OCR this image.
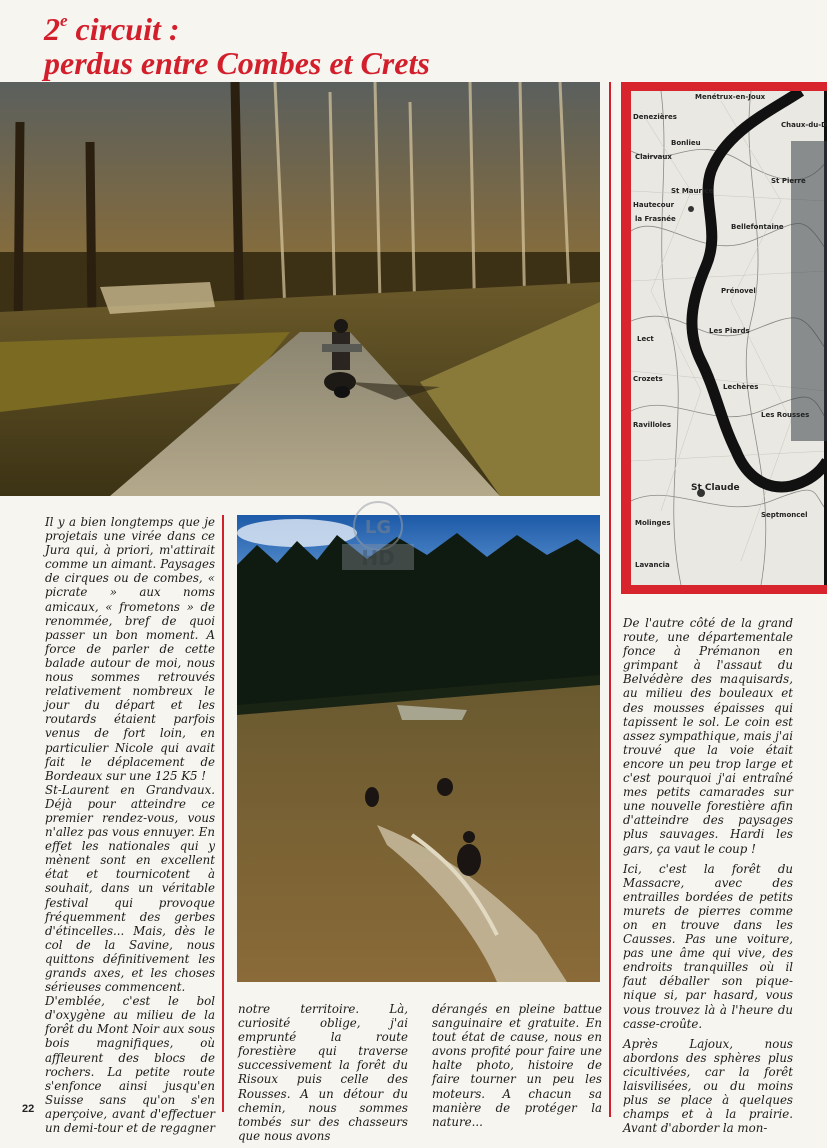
2e circuit :
perdus entre Combes et Crets
Menétrux-en-Joux
Denezières
Bonlieu
Clairvaux
Chaux-du-D
St Maurice
Hautecour
la Frasnée
St Pierre
Bellefontaine
Prénovel
Crozets
Les Piards
Lect
Lechères
Les Rousses
Ravilloles
St Claude
Septmoncel
Molinges
Lavancia
LG
HD

Il y a bien longtemps que je projetais une virée dans ce Jura qui, à priori, m'attirait comme un aimant. Paysages de cirques ou de combes, « picrate » aux noms amicaux, « frometons » de renommée, bref de quoi passer un bon moment. A force de parler de cette balade autour de moi, nous nous sommes retrouvés relativement nombreux le jour du départ et les routards étaient parfois venus de fort loin, en particulier Nicole qui avait fait le déplacement de Bordeaux sur une 125 K5 !

St-Laurent en Grandvaux. Déjà pour atteindre ce premier rendez-vous, vous n'allez pas vous ennuyer. En effet les nationales qui y mènent sont en excellent état et tournicotent à souhait, dans un véritable festival qui provoque fréquemment des gerbes d'étincelles... Mais, dès le col de la Savine, nous quittons définitivement les grands axes, et les choses sérieuses commencent.

D'emblée, c'est le bol d'oxygène au milieu de la forêt du Mont Noir aux sous bois magnifiques, où affleurent des blocs de rochers. La petite route s'enfonce ainsi jusqu'en Suisse sans qu'on s'en aperçoive, avant d'effectuer un demi-tour et de regagner

notre territoire. Là, curiosité oblige, j'ai emprunté la route forestière qui traverse successivement la forêt du Risoux puis celle des Rousses. A un détour du chemin, nous sommes tombés sur des chasseurs que nous avons

dérangés en pleine battue sanguinaire et gratuite. En tout état de cause, nous en avons profité pour faire une halte photo, histoire de faire tourner un peu les moteurs. A chacun sa manière de protéger la nature...

De l'autre côté de la grand route, une départementale fonce à Prémanon en grimpant à l'assaut du Belvédère des maquisards, au milieu des bouleaux et des mousses épaisses qui tapissent le sol. Le coin est assez sympathique, mais j'ai trouvé que la voie était encore un peu trop large et c'est pourquoi j'ai entraîné mes petits camarades sur une nouvelle forestière afin d'atteindre des paysages plus sauvages. Hardi les gars, ça vaut le coup !

Ici, c'est la forêt du Massacre, avec des entrailles bordées de petits murets de pierres comme on en trouve dans les Causses. Pas une voiture, pas une âme qui vive, des endroits tranquilles où il faut déballer son pique-nique si, par hasard, vous vous trouvez là à l'heure du casse-croûte.

Après Lajoux, nous abordons des sphères plus cicultivées, car la forêt laisvilisées, ou du moins plus se place à quelques champs et à la prairie. Avant d'aborder la mon-

22
